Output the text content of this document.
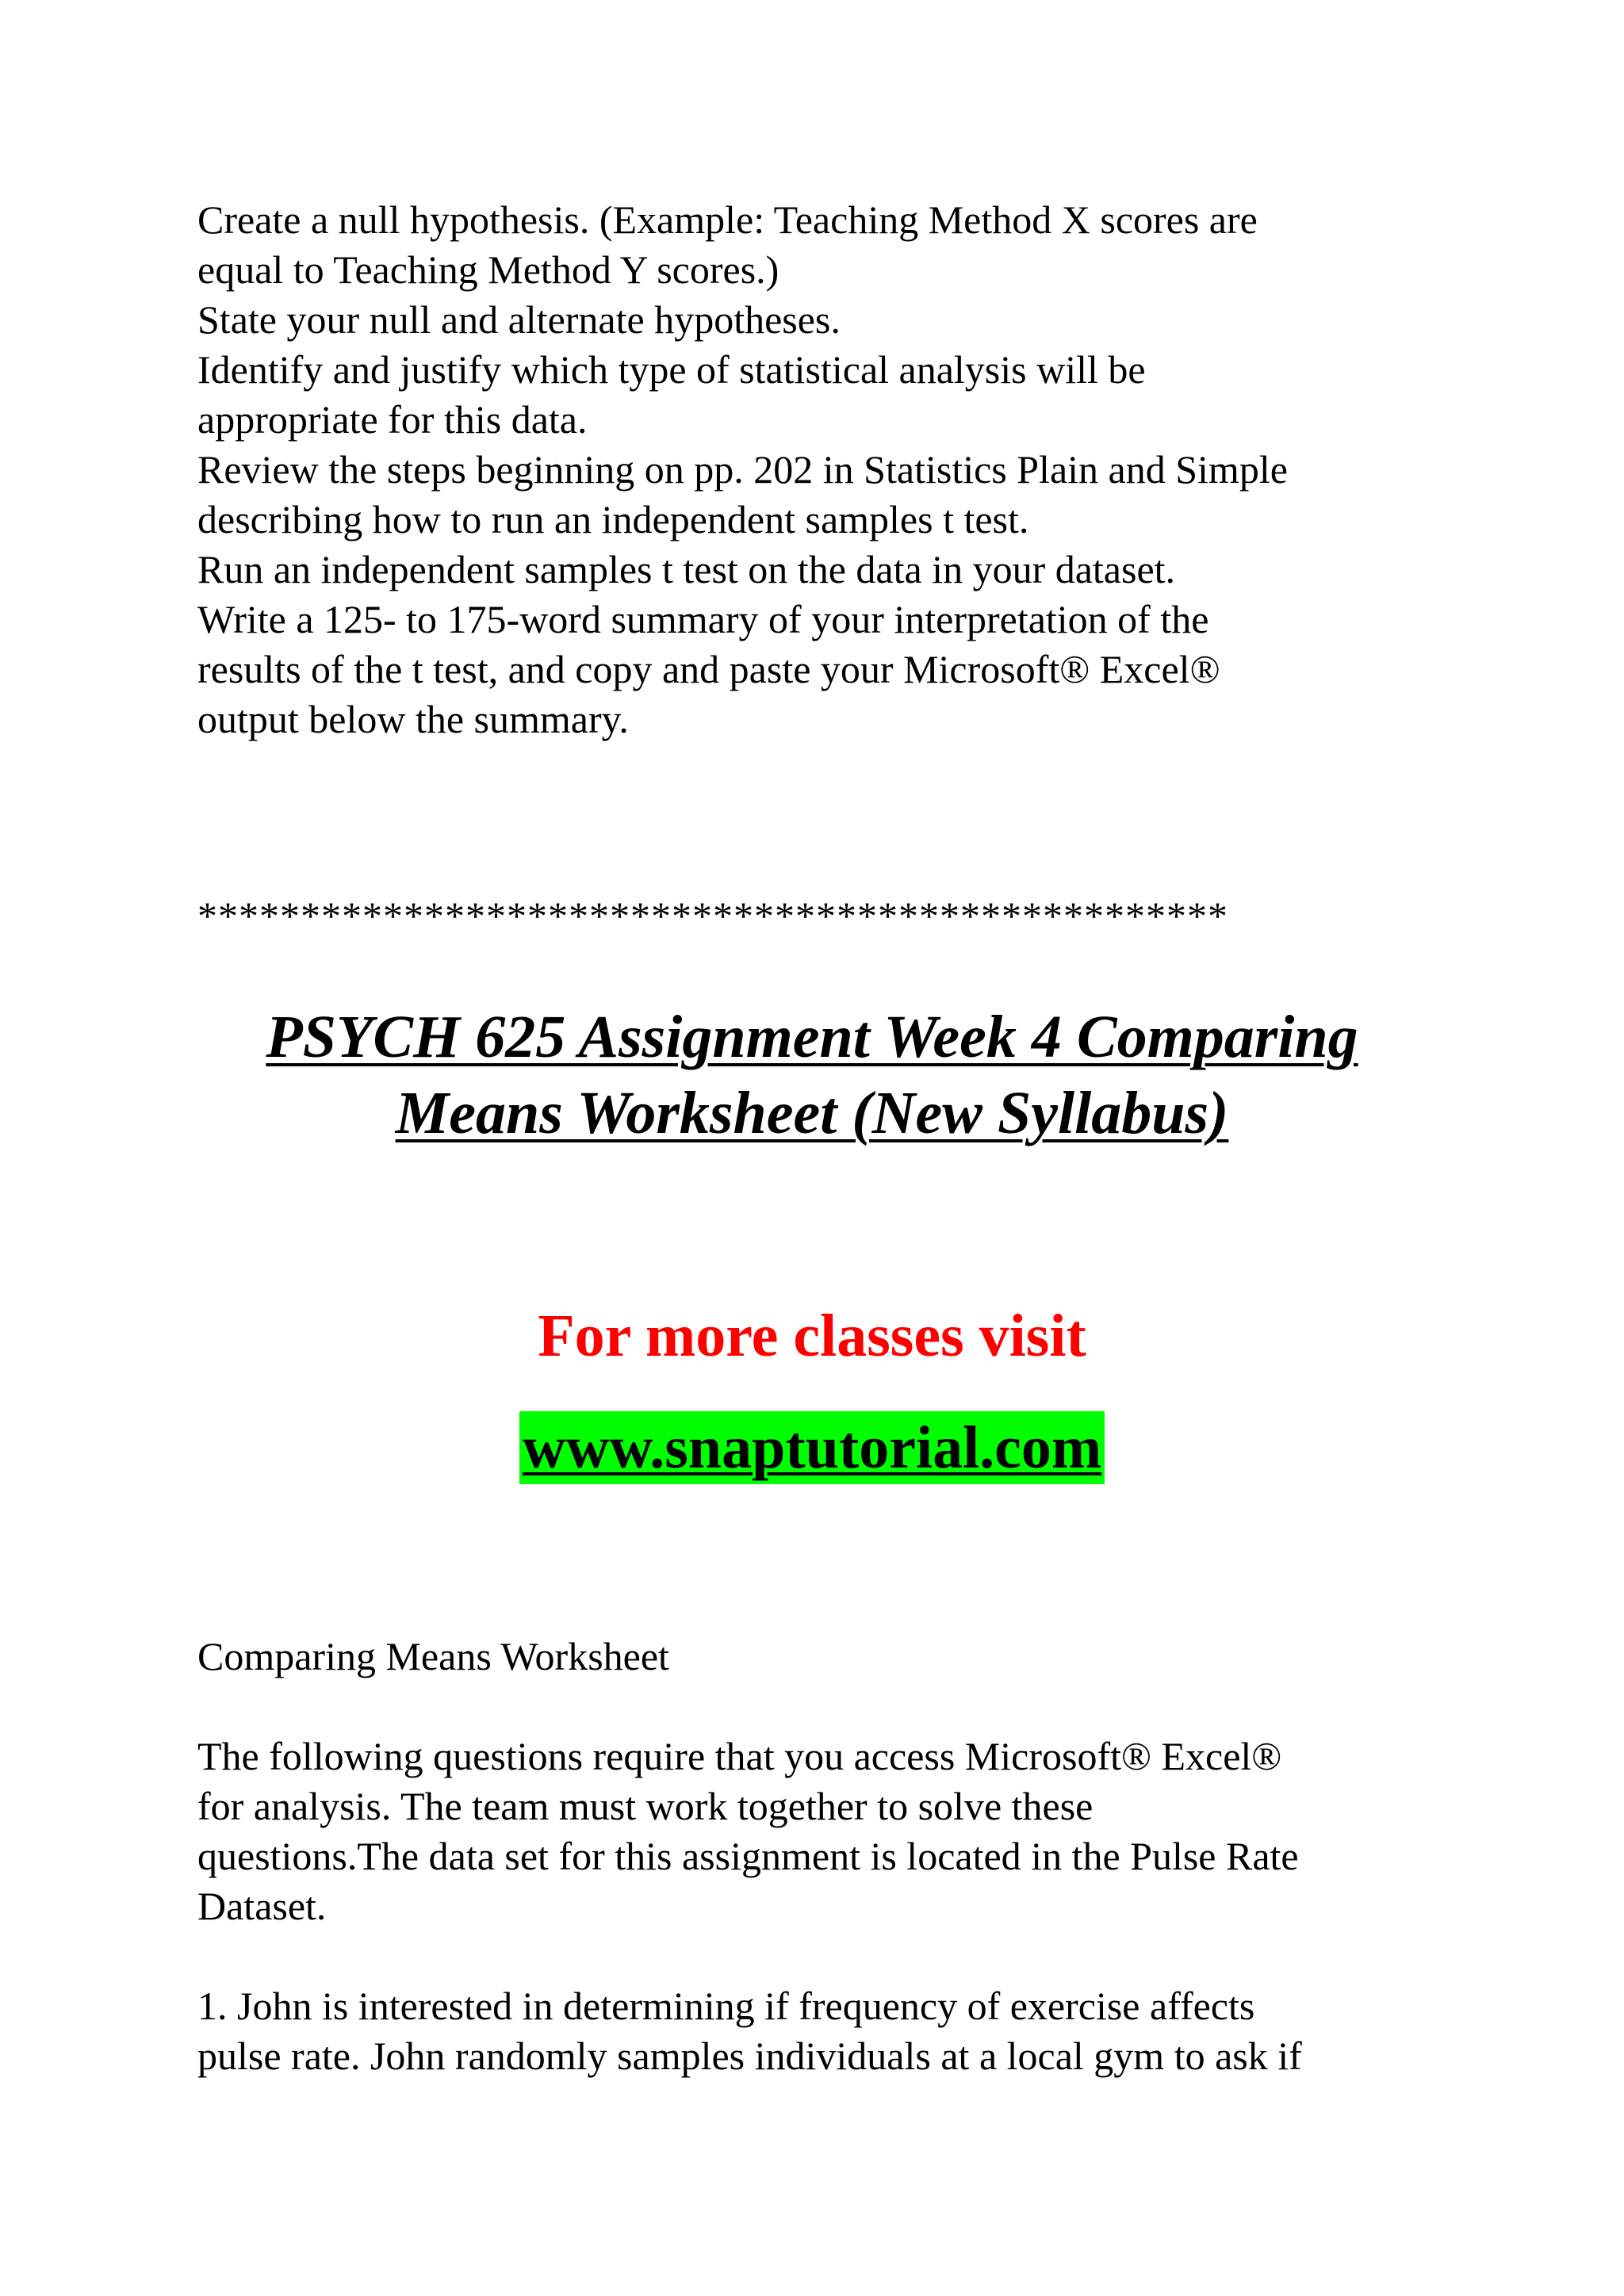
Create a null hypothesis. (Example: Teaching Method X scores are

equal to Teaching Method Y scores.)

State your null and alternate hypotheses.

Identify and justify which type of statistical analysis will be

appropriate for this data.

Review the steps beginning on pp. 202 in Statistics Plain and Simple

describing how to run an independent samples t test.

Run an independent samples t test on the data in your dataset.

Write a 125- to 175-word summary of your interpretation of the

results of the t test, and copy and paste your Microsoft® Excel®

output below the summary.

**************************************************
PSYCH 625 Assignment Week 4 Comparing
Means Worksheet (New Syllabus)
For more classes visit
www.snaptutorial.com
Comparing Means Worksheet

The following questions require that you access Microsoft® Excel®

for analysis. The team must work together to solve these

questions.The data set for this assignment is located in the Pulse Rate

Dataset.

1. John is interested in determining if frequency of exercise affects

pulse rate. John randomly samples individuals at a local gym to ask if
